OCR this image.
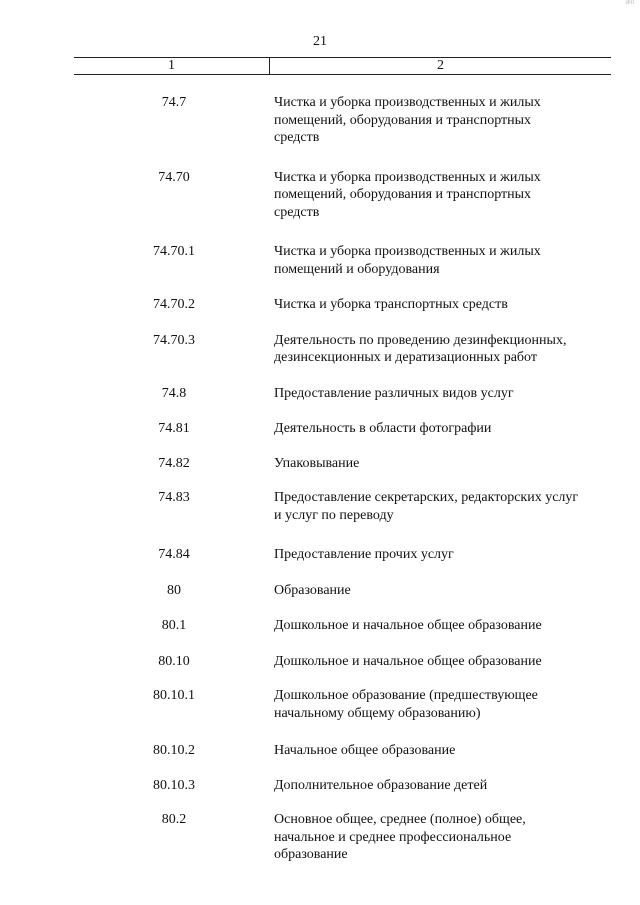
ЗРП
21
1	2
74.7	Чистка и уборка производственных и жилых
помещений, оборудования и транспортных
средств
74.70	Чистка и уборка производственных и жилых
помещений, оборудования и транспортных
средств
74.70.1	Чистка и уборка производственных и жилых
помещений и оборудования
74.70.2	Чистка и уборка транспортных средств
74.70.3	Деятельность по проведению дезинфекционных,
дезинсекционных и дератизационных работ
74.8	Предоставление различных видов услуг
74.81	Деятельность в области фотографии
74.82	Упаковывание
74.83	Предоставление секретарских, редакторских услуг
и услуг по переводу
74.84	Предоставление прочих услуг
80	Образование
80.1	Дошкольное и начальное общее образование
80.10	Дошкольное и начальное общее образование
80.10.1	Дошкольное образование (предшествующее
начальному общему образованию)
80.10.2	Начальное общее образование
80.10.3	Дополнительное образование детей
80.2	Основное общее, среднее (полное) общее,
начальное и среднее профессиональное
образование
